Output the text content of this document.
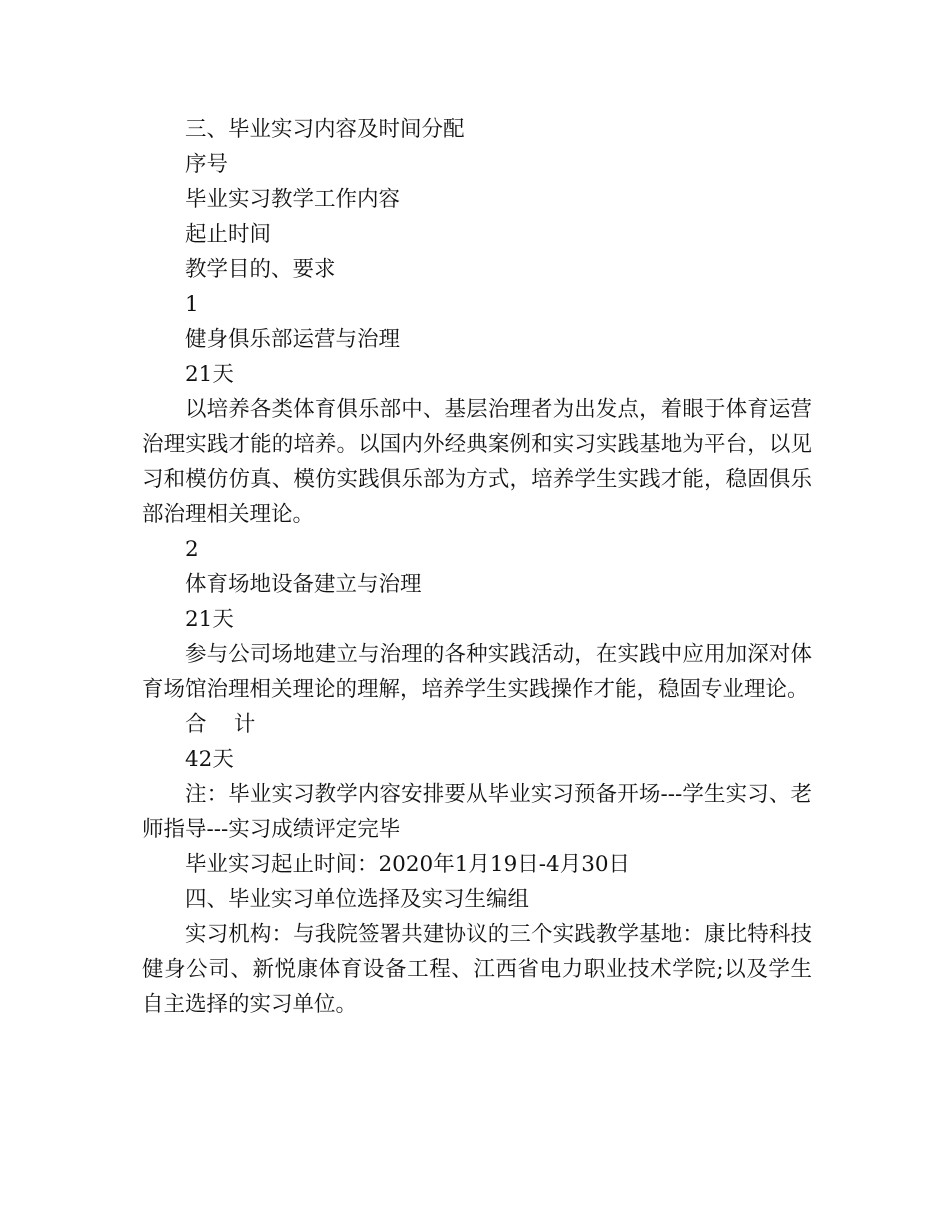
三、毕业实习内容及时间分配

序号

毕业实习教学工作内容

起止时间

教学目的、要求

1

健身俱乐部运营与治理

21天

以培养各类体育俱乐部中、基层治理者为出发点，着眼于体育运营治理实践才能的培养。以国内外经典案例和实习实践基地为平台，以见习和模仿仿真、模仿实践俱乐部为方式，培养学生实践才能，稳固俱乐部治理相关理论。

2

体育场地设备建立与治理

21天

参与公司场地建立与治理的各种实践活动，在实践中应用加深对体育场馆治理相关理论的理解，培养学生实践操作才能，稳固专业理论。

合    计

42天

注：毕业实习教学内容安排要从毕业实习预备开场---学生实习、老师指导---实习成绩评定完毕

毕业实习起止时间：2020年1月19日-4月30日

四、毕业实习单位选择及实习生编组

实习机构：与我院签署共建协议的三个实践教学基地：康比特科技健身公司、新悦康体育设备工程、江西省电力职业技术学院;以及学生自主选择的实习单位。
